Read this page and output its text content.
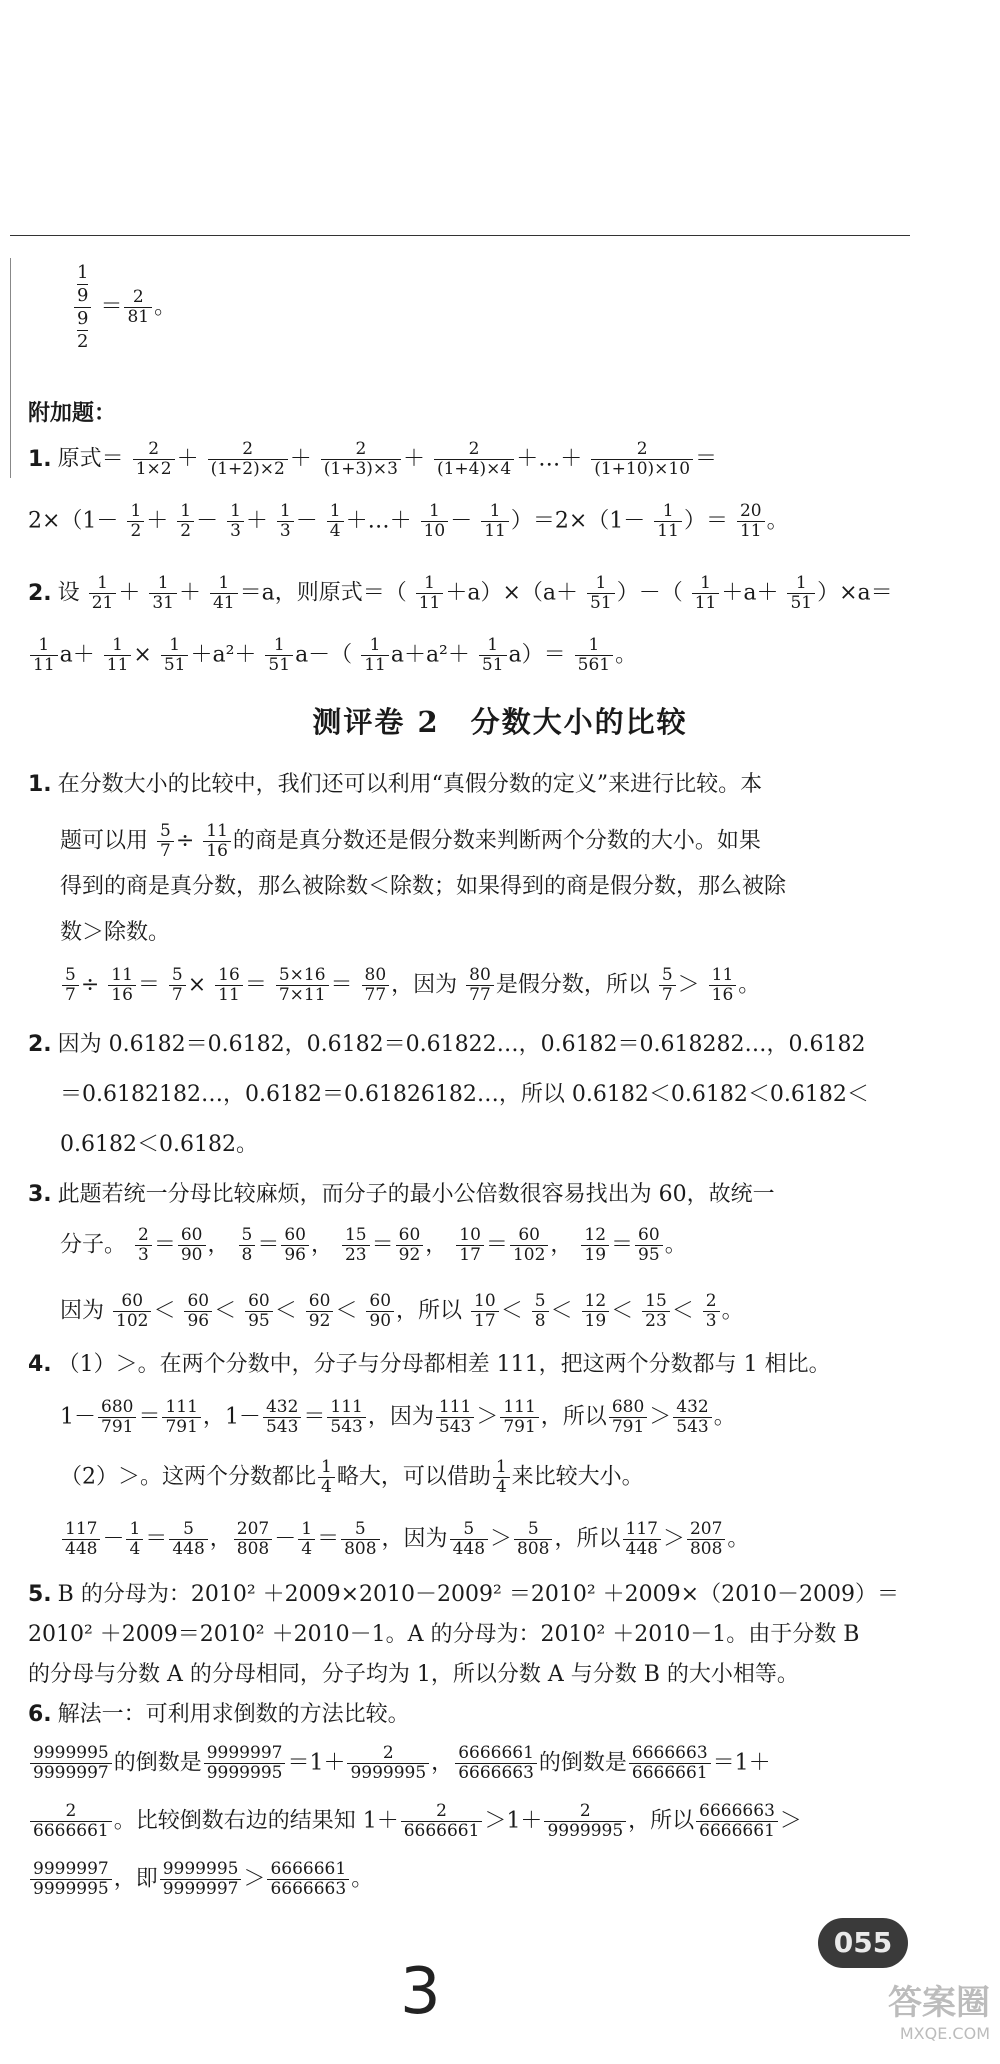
1
9
9
$2 = \frac{2}{81}$ 。
附加题：
1. 原式＝ $\frac{2}{1\times 2} + \frac{2}{(1+2)\times 2} + \frac{2}{(1+3)\times 3} + \frac{2}{(1+4)\times 4}$ ＋…＋ $\frac{2}{(1+10)\times 10}$ ＝
$2\times(1- \frac{1}{2} + \frac{1}{2} - \frac{1}{3} + \frac{1}{3} - \frac{1}{4}$ ＋…＋ $\frac{1}{10} - \frac{1}{11} )=2\times(1- \frac{1}{11}$ ）＝ $\frac{20}{11}$ 。
2. 设 $\frac{1}{21} + \frac{1}{31} + \frac{1}{41} =a$，则原式＝（ $\frac{1}{11} +a)\times(a+ \frac{1}{51}$ ）－（ $\frac{1}{11} +a+ \frac{1}{51} )\times a=$
$\frac{1}{11} a+ \frac{1}{11} \times \frac{1}{51} +a^2+ \frac{1}{51} a-( \frac{1}{11} a+a^2+ \frac{1}{51} a)= \frac{1}{561}$ 。
测评卷 2　分数大小的比较
1. 在分数大小的比较中，我们还可以利用“真假分数的定义”来进行比较。本
题可以用 $\frac{5}{7} \div \frac{11}{16}$ 的商是真分数还是假分数来判断两个分数的大小。如果
得到的商是真分数，那么被除数＜除数；如果得到的商是假分数，那么被除
数＞除数。
$\frac{5}{7} \div \frac{11}{16} = \frac{5}{7} \times \frac{16}{11} = \frac{5\times 16}{7\times 11} = \frac{80}{77}$ ，因为 $\frac{80}{77}$ 是假分数，所以 $\frac{5}{7} > \frac{11}{16}$ 。
2. 因为 0.6182＝0.6182，0.6182＝0.61822…，0.6182＝0.618282…，0.6182
＝0.6182182…，0.6182＝0.61826182…，所以 0.6182＜0.6182＜0.6182＜
0.6182＜0.6182。
3. 此题若统一分母比较麻烦，而分子的最小公倍数很容易找出为 60，故统一
分子。 $\frac{2}{3} = \frac{60}{90}$ ， $\frac{5}{8} = \frac{60}{96}$ ， $\frac{15}{23} = \frac{60}{92}$ ， $\frac{10}{17} = \frac{60}{102}$ ， $\frac{12}{19} = \frac{60}{95}$ 。
因为 $\frac{60}{102} < \frac{60}{96} < \frac{60}{95} < \frac{60}{92} < \frac{60}{90}$ ，所以 $\frac{10}{17} < \frac{5}{8} < \frac{12}{19} < \frac{15}{23} < \frac{2}{3}$ 。
4. （1）＞。在两个分数中，分子与分母都相差 111，把这两个分数都与 1 相比。
$1- \frac{680}{791} = \frac{111}{791}$ ，$1- \frac{432}{543} = \frac{111}{543}$ ，因为 $\frac{111}{543} > \frac{111}{791}$ ，所以 $\frac{680}{791} > \frac{432}{543}$ 。
（2）＞。这两个分数都比 $\frac{1}{4}$ 略大，可以借助 $\frac{1}{4}$ 来比较大小。
$\frac{117}{448} - \frac{1}{4} = \frac{5}{448}$ ， $\frac{207}{808} - \frac{1}{4} = \frac{5}{808}$ ，因为 $\frac{5}{448} > \frac{5}{808}$ ，所以 $\frac{117}{448} > \frac{207}{808}$ 。
5. B 的分母为：2010² ＋2009×2010－2009² ＝2010² ＋2009×（2010－2009）＝
2010² ＋2009＝2010² ＋2010－1。A 的分母为：2010² ＋2010－1。由于分数 B
的分母与分数 A 的分母相同，分子均为 1，所以分数 A 与分数 B 的大小相等。
6. 解法一：可利用求倒数的方法比较。
$\frac{9999995}{9999997}$ 的倒数是 $\frac{9999997}{9999995} =1+ \frac{2}{9999995}$ ， $\frac{6666661}{6666663}$ 的倒数是 $\frac{6666663}{6666661} =1+$
$\frac{2}{6666661}$ 。比较倒数右边的结果知 $1+ \frac{2}{6666661} >1+ \frac{2}{9999995}$ ，所以 $\frac{6666663}{6666661}$ ＞
$\frac{9999997}{9999995}$ ，即 $\frac{9999995}{9999997} > \frac{6666661}{6666663}$ 。
3
055
答案圈
MXQE.COM
